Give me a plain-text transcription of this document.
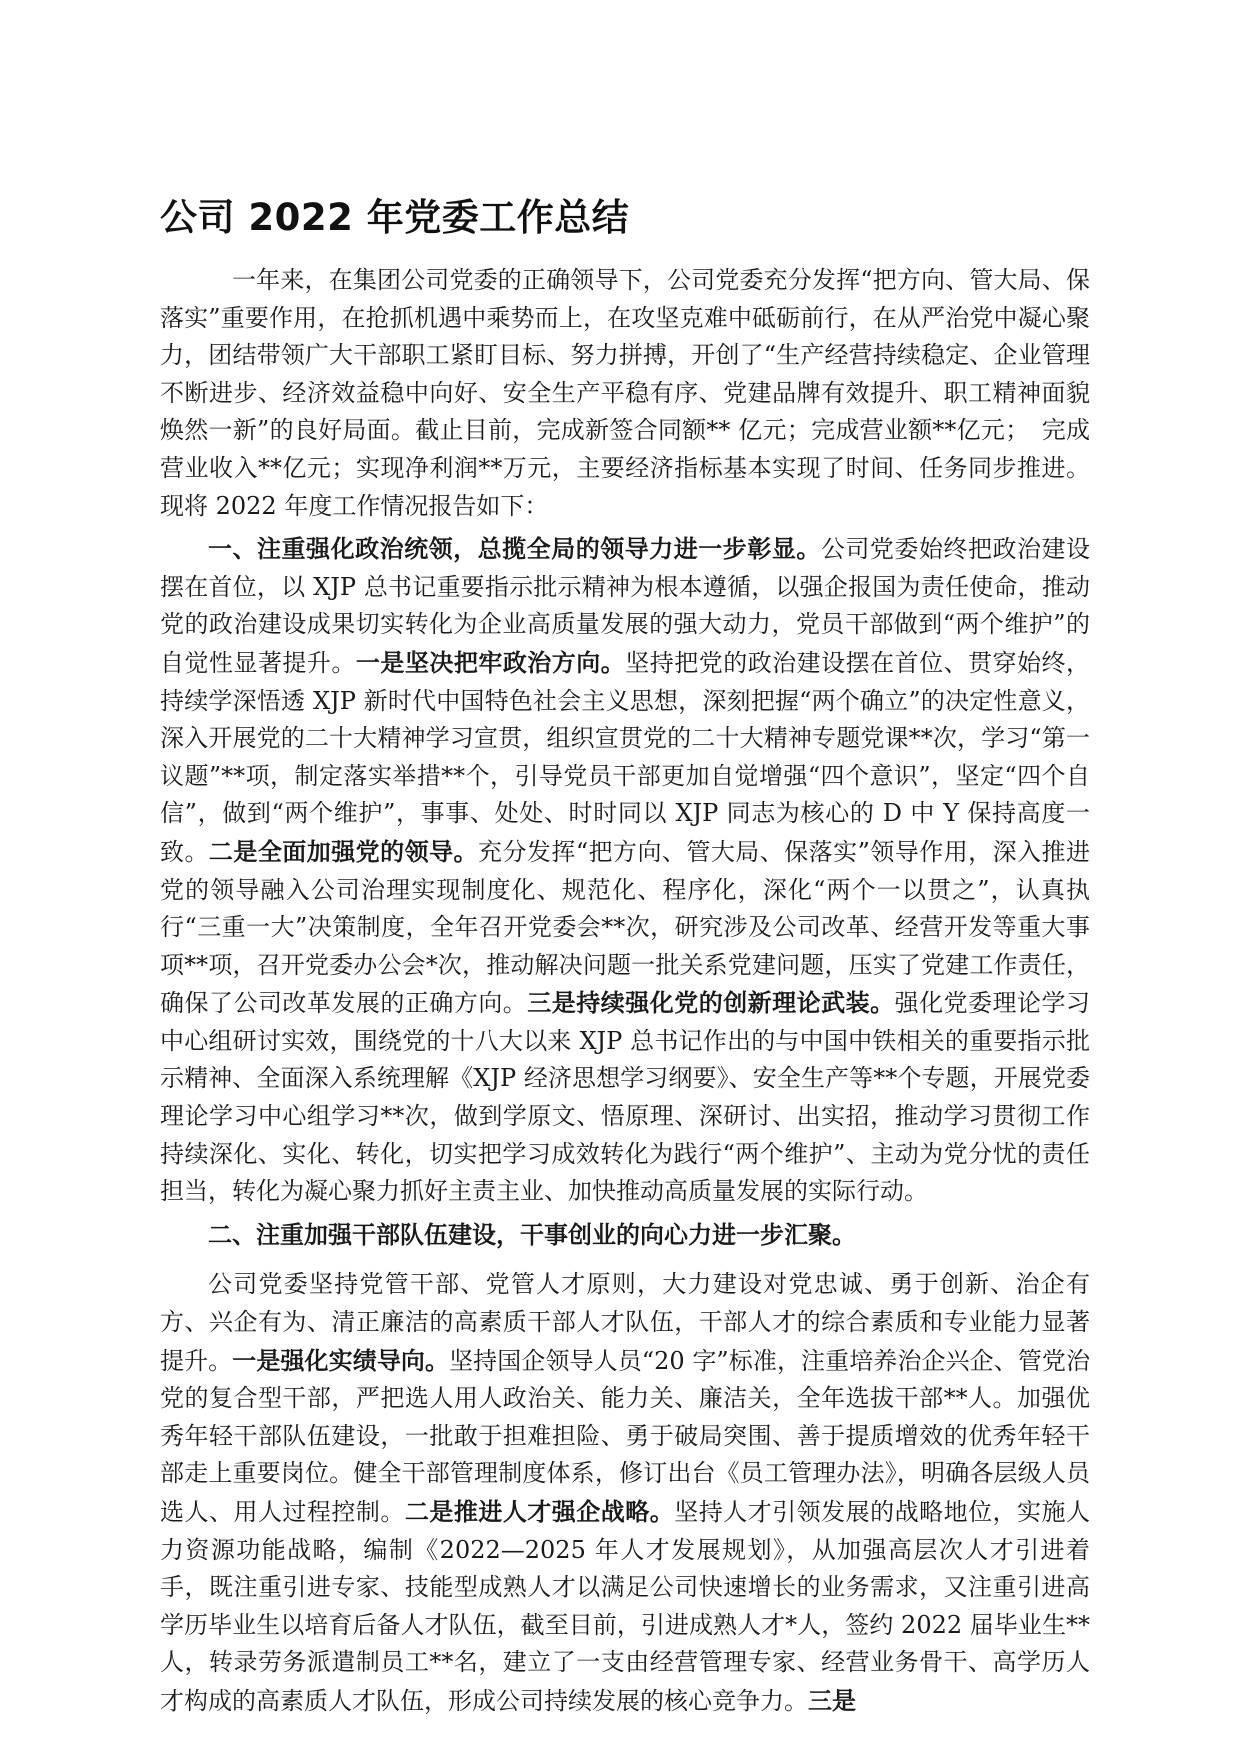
公司 2022 年党委工作总结

一年来，在集团公司党委的正确领导下，公司党委充分发挥“把方向、管大局、保落实”重要作用，在抢抓机遇中乘势而上，在攻坚克难中砥砺前行，在从严治党中凝心聚力，团结带领广大干部职工紧盯目标、努力拼搏，开创了“生产经营持续稳定、企业管理不断进步、经济效益稳中向好、安全生产平稳有序、党建品牌有效提升、职工精神面貌焕然一新”的良好局面。截止目前，完成新签合同额** 亿元；完成营业额**亿元；　完成营业收入**亿元；实现净利润**万元，主要经济指标基本实现了时间、任务同步推进。现将 2022 年度工作情况报告如下：

一、注重强化政治统领，总揽全局的领导力进一步彰显。公司党委始终把政治建设摆在首位，以 XJP 总书记重要指示批示精神为根本遵循，以强企报国为责任使命，推动党的政治建设成果切实转化为企业高质量发展的强大动力，党员干部做到“两个维护”的自觉性显著提升。一是坚决把牢政治方向。坚持把党的政治建设摆在首位、贯穿始终，持续学深悟透 XJP 新时代中国特色社会主义思想，深刻把握“两个确立”的决定性意义，深入开展党的二十大精神学习宣贯，组织宣贯党的二十大精神专题党课**次，学习“第一议题”**项，制定落实举措**个，引导党员干部更加自觉增强“四个意识”，坚定“四个自信”，做到“两个维护”，事事、处处、时时同以 XJP 同志为核心的 D 中 Y 保持高度一致。二是全面加强党的领导。充分发挥“把方向、管大局、保落实”领导作用，深入推进党的领导融入公司治理实现制度化、规范化、程序化，深化“两个一以贯之”，认真执行“三重一大”决策制度，全年召开党委会**次，研究涉及公司改革、经营开发等重大事项**项，召开党委办公会*次，推动解决问题一批关系党建问题，压实了党建工作责任，确保了公司改革发展的正确方向。三是持续强化党的创新理论武装。强化党委理论学习中心组研讨实效，围绕党的十八大以来 XJP 总书记作出的与中国中铁相关的重要指示批示精神、全面深入系统理解《XJP 经济思想学习纲要》、安全生产等**个专题，开展党委理论学习中心组学习**次，做到学原文、悟原理、深研讨、出实招，推动学习贯彻工作持续深化、实化、转化，切实把学习成效转化为践行“两个维护”、主动为党分忧的责任担当，转化为凝心聚力抓好主责主业、加快推动高质量发展的实际行动。

二、注重加强干部队伍建设，干事创业的向心力进一步汇聚。

公司党委坚持党管干部、党管人才原则，大力建设对党忠诚、勇于创新、治企有方、兴企有为、清正廉洁的高素质干部人才队伍，干部人才的综合素质和专业能力显著提升。一是强化实绩导向。坚持国企领导人员“20 字”标准，注重培养治企兴企、管党治党的复合型干部，严把选人用人政治关、能力关、廉洁关，全年选拔干部**人。加强优秀年轻干部队伍建设，一批敢于担难担险、勇于破局突围、善于提质增效的优秀年轻干部走上重要岗位。健全干部管理制度体系，修订出台《员工管理办法》，明确各层级人员选人、用人过程控制。二是推进人才强企战略。坚持人才引领发展的战略地位，实施人力资源功能战略，编制《2022—2025 年人才发展规划》，从加强高层次人才引进着手，既注重引进专家、技能型成熟人才以满足公司快速增长的业务需求，又注重引进高学历毕业生以培育后备人才队伍，截至目前，引进成熟人才*人，签约 2022 届毕业生**人，转录劳务派遣制员工**名，建立了一支由经营管理专家、经营业务骨干、高学历人才构成的高素质人才队伍，形成公司持续发展的核心竞争力。三是
